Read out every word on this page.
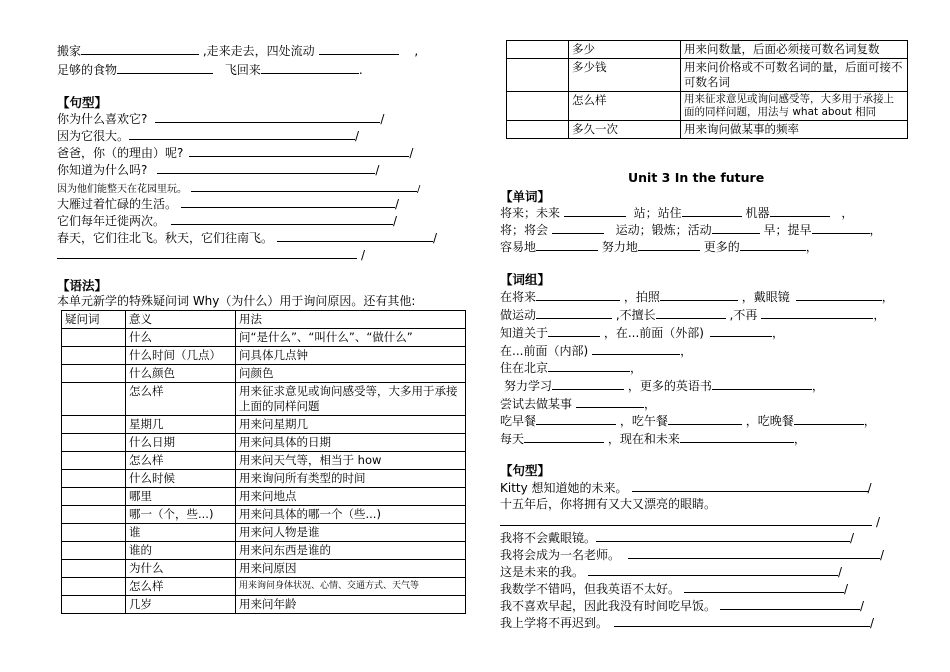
搬家	,走来走去，四处流动	,
足够的食物	飞回来	.
【句型】
你为什么喜欢它?	/
因为它很大。	/
爸爸，你（的理由）呢?	/
你知道为什么吗?	/
因为他们能整天在花园里玩。	/
大雁过着忙碌的生活。	/
它们每年迁徙两次。	/
春天，它们往北飞。秋天，它们往南飞。	/
/
【语法】
本单元新学的特殊疑问词 Why（为什么）用于询问原因。还有其他:
疑问词	意义	用法
	什么	问“是什么”、“叫什么”、“做什么”
	什么时间（几点）	问具体几点钟
	什么颜色	问颜色
	怎么样	用来征求意见或询问感受等，大多用于承接上面的同样问题
	星期几	用来问星期几
	什么日期	用来问具体的日期
	怎么样	用来问天气等，相当于 how
	什么时候	用来询问所有类型的时间
	哪里	用来问地点
	哪一（个，些...)	用来问具体的哪一个（些...)
	谁	用来问人物是谁
	谁的	用来问东西是谁的
	为什么	用来问原因
	怎么样	用来询问身体状况、心情、交通方式、天气等
	几岁	用来问年龄
	多少	用来问数量，后面必须接可数名词复数
	多少钱	用来问价格或不可数名词的量，后面可接不可数名词
	怎么样	用来征求意见或询问感受等，大多用于承接上面的同样问题，用法与 what about 相同
	多久一次	用来询问做某事的频率
Unit 3 In the future
【单词】
将来；未来	站；站住	机器	，
将；将会	运动；锻炼；活动	早；提早	，
容易地	努力地	更多的	，
【词组】
在将来	，拍照	，戴眼镜	，
做运动	,不擅长	,不再	，
知道关于	，在...前面（外部)	，
在...前面（内部)	，
住在北京	，
努力学习	，更多的英语书	，
尝试去做某事	，
吃早餐	，吃午餐	，吃晚餐	，
每天	，现在和未来	，
【句型】
Kitty 想知道她的未来。	/
十五年后，你将拥有又大又漂亮的眼睛。
/
我将不会戴眼镜。	/
我将会成为一名老师。	/
这是未来的我。	/
我数学不错吗，但我英语不太好。	/
我不喜欢早起，因此我没有时间吃早饭。	/
我上学将不再迟到。	/
